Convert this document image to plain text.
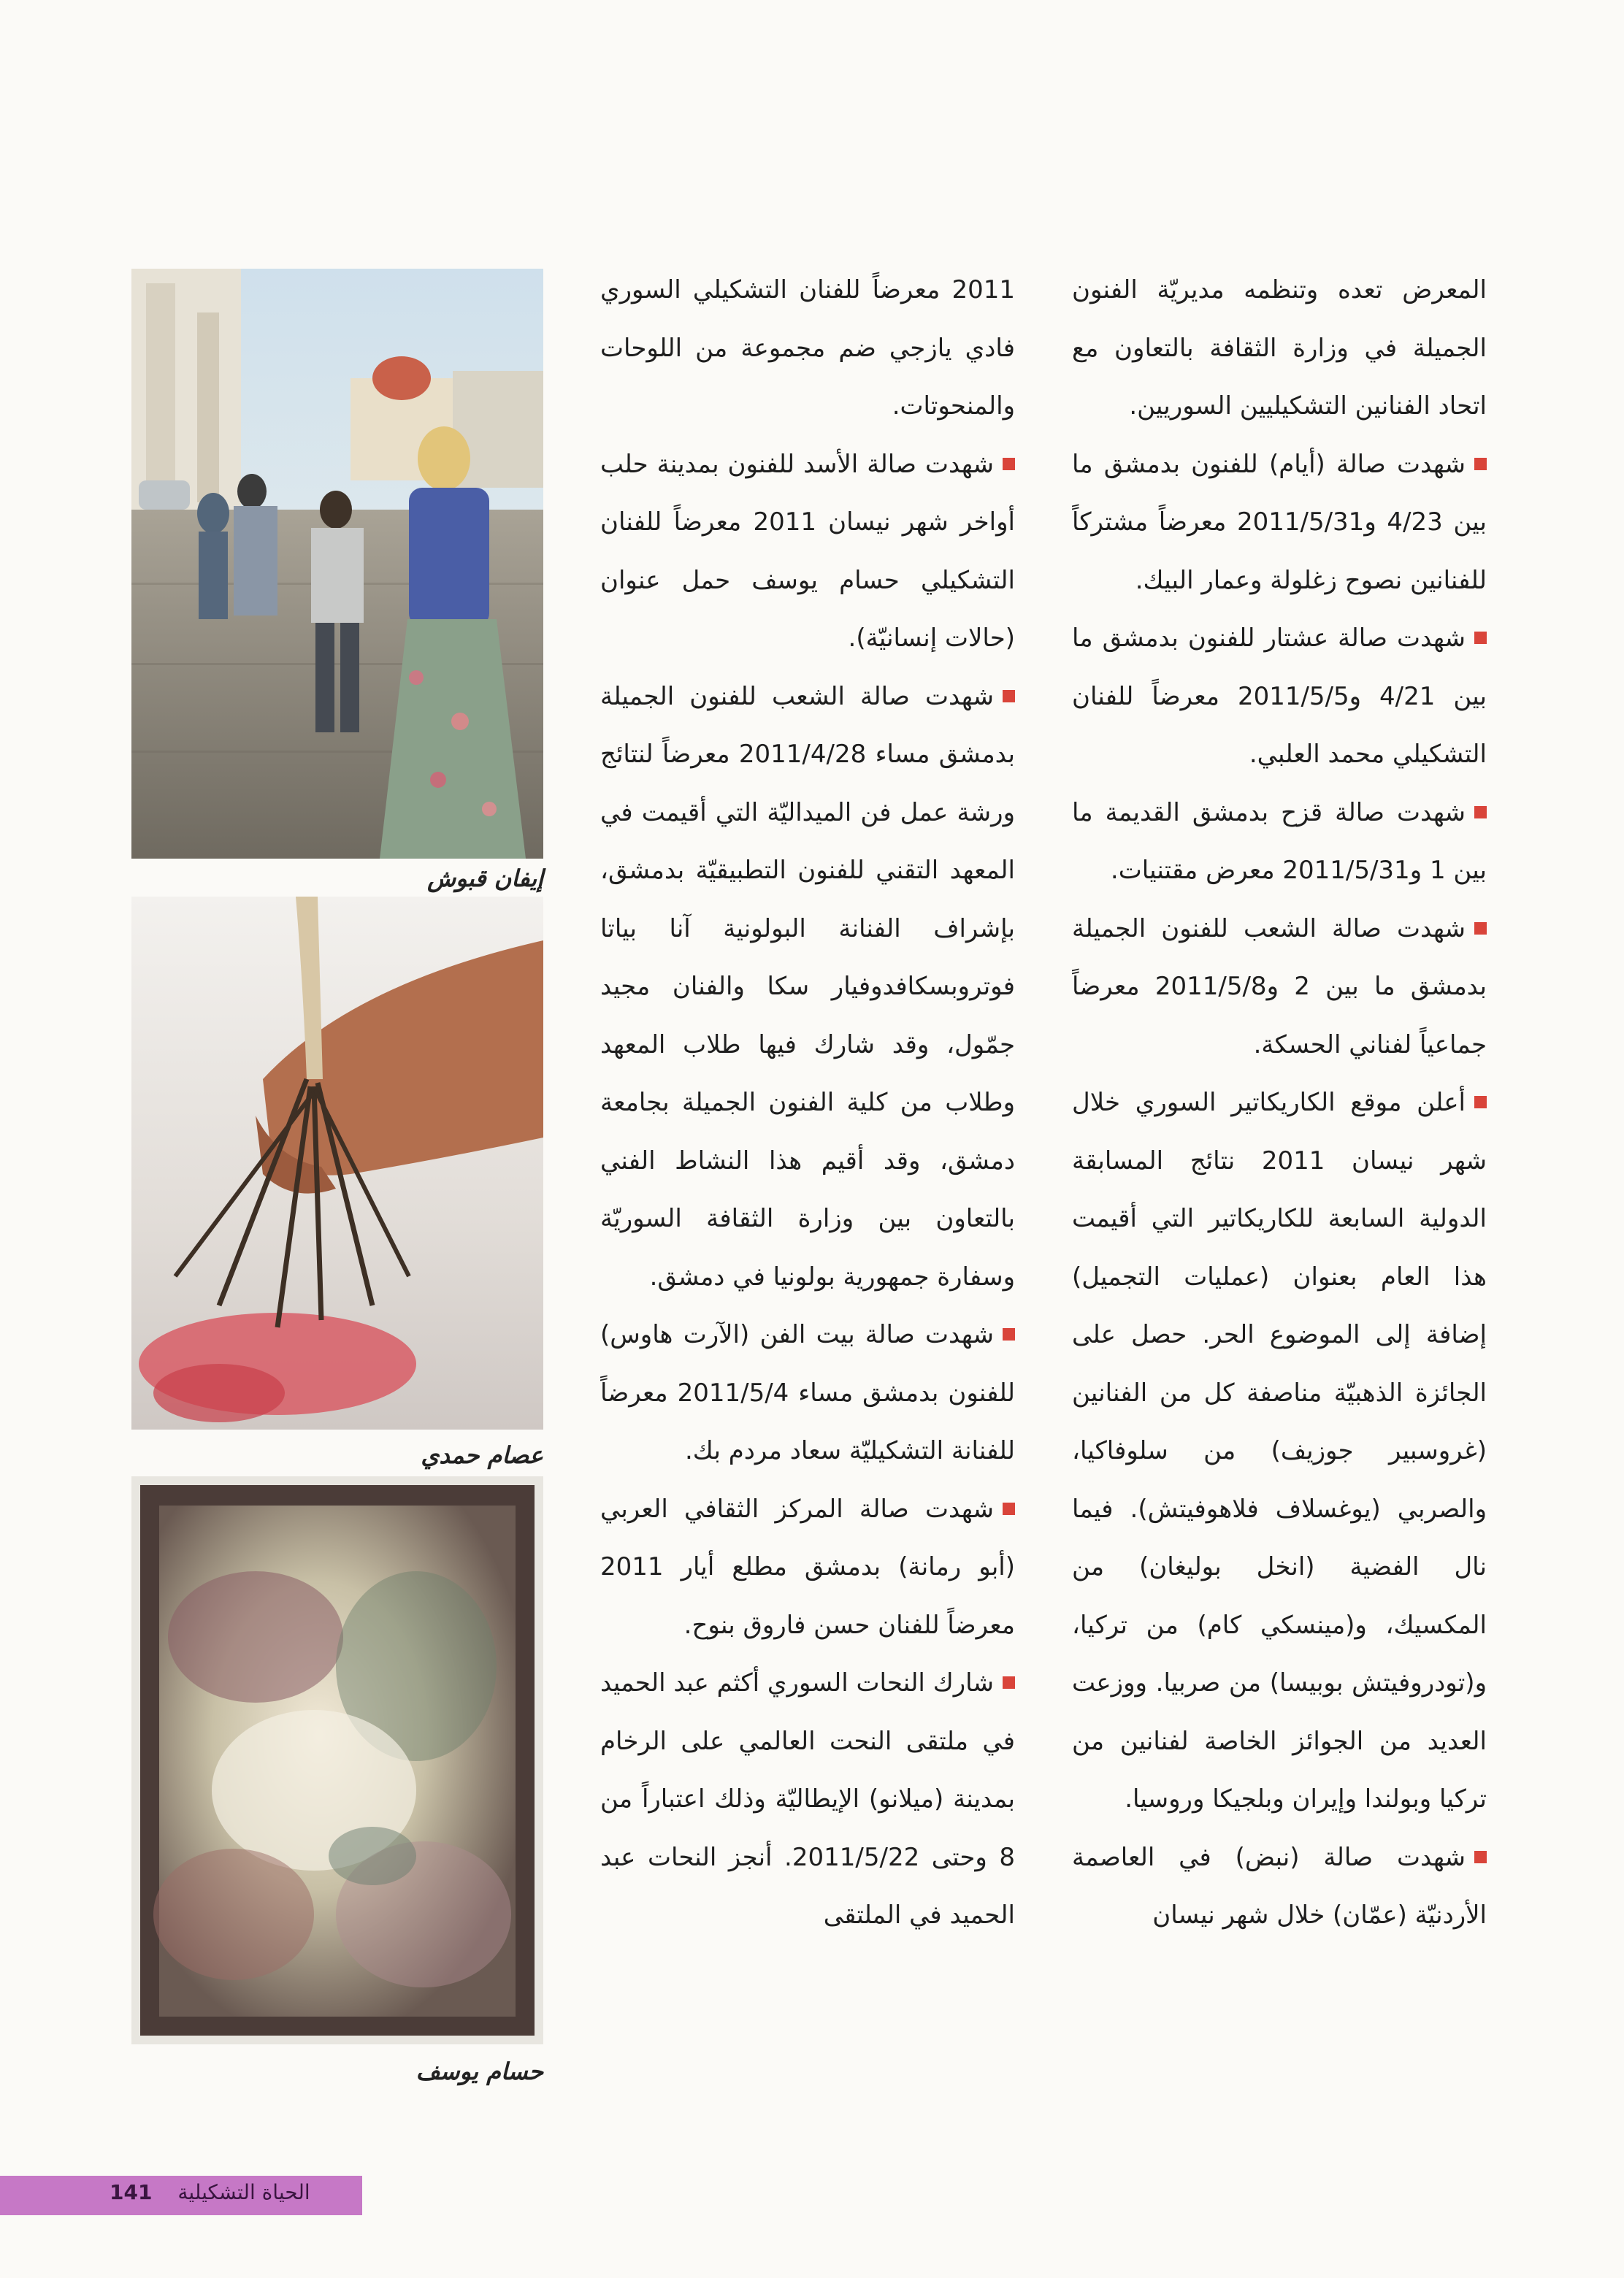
المعرض تعده وتنظمه مديريّة الفنون الجميلة في وزارة الثقافة بالتعاون مع اتحاد الفنانين التشكيليين السوريين.

شهدت صالة (أيام) للفنون بدمشق ما بين 4/23 و2011/5/31 معرضاً مشتركاً للفنانين نصوح زغلولة وعمار البيك.

شهدت صالة عشتار للفنون بدمشق ما بين 4/21 و2011/5/5 معرضاً للفنان التشكيلي محمد العلبي.

شهدت صالة قزح بدمشق القديمة ما بين 1 و2011/5/31 معرض مقتنيات.

شهدت صالة الشعب للفنون الجميلة بدمشق ما بين 2 و2011/5/8 معرضاً جماعياً لفناني الحسكة.

أعلن موقع الكاريكاتير السوري خلال شهر نيسان 2011 نتائج المسابقة الدولية السابعة للكاريكاتير التي أقيمت هذا العام بعنوان (عمليات التجميل) إضافة إلى الموضوع الحر. حصل على الجائزة الذهبيّة مناصفة كل من الفنانين (غروسبير جوزيف) من سلوفاكيا، والصربي (يوغسلاف فلاهوفيتش). فيما نال الفضية (انخل بوليغان) من المكسيك، و(مينسكي كام) من تركيا، و(تودروفيتش بوبيسا) من صربيا. ووزعت العديد من الجوائز الخاصة لفنانين من تركيا وبولندا وإيران وبلجيكا وروسيا.

شهدت صالة (نبض) في العاصمة الأردنيّة (عمّان) خلال شهر نيسان

2011 معرضاً للفنان التشكيلي السوري فادي يازجي ضم مجموعة من اللوحات والمنحوتات.

شهدت صالة الأسد للفنون بمدينة حلب أواخر شهر نيسان 2011 معرضاً للفنان التشكيلي حسام يوسف حمل عنوان (حالات إنسانيّة).

شهدت صالة الشعب للفنون الجميلة بدمشق مساء 2011/4/28 معرضاً لنتائج ورشة عمل فن الميداليّة التي أقيمت في المعهد التقني للفنون التطبيقيّة بدمشق، بإشراف الفنانة البولونية آنا بياتا فوتروبسكافدوفيار سكا والفنان مجيد جمّول، وقد شارك فيها طلاب المعهد وطلاب من كلية الفنون الجميلة بجامعة دمشق، وقد أقيم هذا النشاط الفني بالتعاون بين وزارة الثقافة السوريّة وسفارة جمهورية بولونيا في دمشق.

شهدت صالة بيت الفن (الآرت هاوس) للفنون بدمشق مساء 2011/5/4 معرضاً للفنانة التشكيليّة سعاد مردم بك.

شهدت صالة المركز الثقافي العربي (أبو رمانة) بدمشق مطلع أيار 2011 معرضاً للفنان حسن فاروق بنوح.

شارك النحات السوري أكثم عبد الحميد في ملتقى النحت العالمي على الرخام بمدينة (ميلانو) الإيطاليّة وذلك اعتباراً من 8 وحتى 2011/5/22. أنجز النحات عبد الحميد في الملتقى

إيفان قبوش
عصام حمدي
حسام يوسف
الحياة التشكيلية 141
